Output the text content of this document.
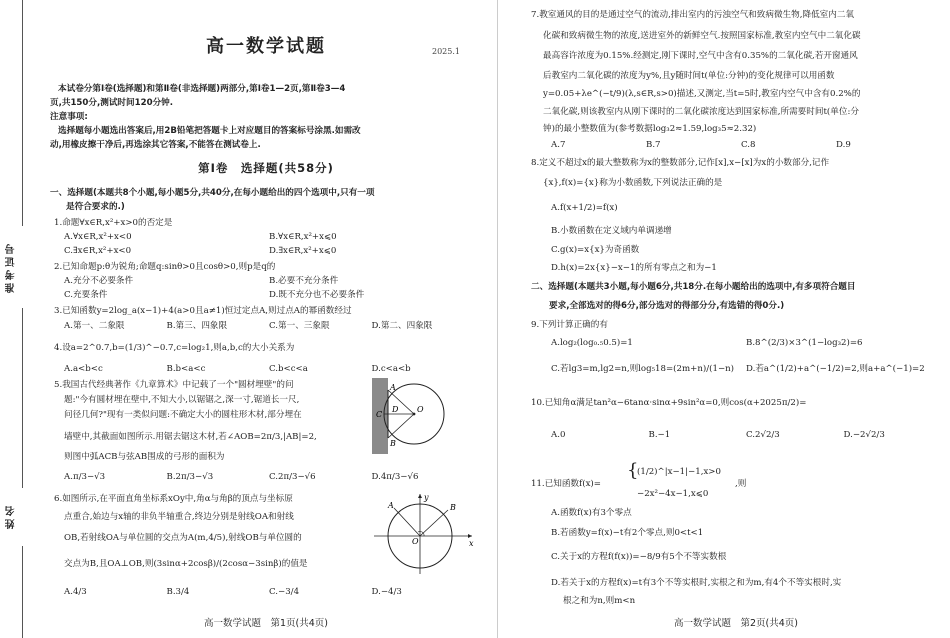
准考证号
姓名
高一数学试题	2025.1
本试卷分第Ⅰ卷(选择题)和第Ⅱ卷(非选择题)两部分,第Ⅰ卷1—2页,第Ⅱ卷3—4
页,共150分,测试时间120分钟.
注意事项:
选择题每小题选出答案后,用2B铅笔把答题卡上对应题目的答案标号涂黑.如需改
动,用橡皮擦干净后,再选涂其它答案,不能答在测试卷上.
第Ⅰ卷　选择题(共58分)
一、选择题(本题共8个小题,每小题5分,共40分,在每小题给出的四个选项中,只有一项
是符合要求的.)
1.命题∀x∈R,x²+x>0的否定是
A.∀x∈R,x²+x<0	B.∀x∈R,x²+x⩽0
C.∃x∈R,x²+x<0	D.∃x∈R,x²+x⩽0
2.已知命题p:θ为锐角;命题q:sinθ>0且cosθ>0,则p是q的
A.充分不必要条件	B.必要不充分条件
C.充要条件	D.既不充分也不必要条件
3.已知函数y=2log_a(x−1)+4(a>0且a≠1)恒过定点A,则过点A的幂函数经过
A.第一、二象限	B.第三、四象限	C.第一、三象限	D.第二、四象限
4.设a=2^0.7,b=(1/3)^−0.7,c=log₂1,则a,b,c的大小关系为
A.a<b<c	B.b<a<c	C.b<c<a	D.c<a<b
5.我国古代经典著作《九章算术》中记载了一个"圆材埋壁"的问
题:"今有圆材埋在壁中,不知大小,以锯锯之,深一寸,锯道长一尺,
问径几何?"现有一类似问题:不确定大小的圆柱形木材,部分埋在
墙壁中,其截面如图所示.用锯去锯这木材,若∠AOB=2π/3,|AB|=2,
则图中弧ACB与弦AB围成的弓形的面积为
A.π/3−√3	B.2π/3−√3	C.2π/3−√6	D.4π/3−√6
A
B
C
D O
6.如图所示,在平面直角坐标系xOy中,角α与角β的顶点与坐标原
点重合,始边与x轴的非负半轴重合,终边分别是射线OA和射线
OB,若射线OA与单位圆的交点为A(m,4/5),射线OB与单位圆的
交点为B,且OA⊥OB,则(3sinα+2cosβ)/(2cosα−3sinβ)的值是
A.4/3	B.3/4	C.−3/4	D.−4/3
y
x
A	B
O
高一数学试题　第1页(共4页)
7.教室通风的目的是通过空气的流动,排出室内的污浊空气和致病微生物,降低室内二氧
化碳和致病微生物的浓度,送进室外的新鲜空气.按照国家标准,教室内空气中二氧化碳
最高容许浓度为0.15%.经测定,刚下课时,空气中含有0.35%的二氧化碳,若开窗通风
后教室内二氧化碳的浓度为y%,且y随时间t(单位:分钟)的变化规律可以用函数
y=0.05+λe^(−t/9)(λ,s∈R,s>0)描述,又测定,当t=5时,教室内空气中含有0.2%的
二氧化碳,则该教室内从刚下课时的二氧化碳浓度达到国家标准,所需要时间t(单位:分
钟)的最小整数值为(参考数据log₃2≈1.59,log₃5≈2.32)
A.7	B.7	C.8	D.9
8.定义不超过x的最大整数称为x的整数部分,记作[x],x−[x]为x的小数部分,记作
{x},f(x)={x}称为小数函数,下列说法正确的是
A.f(x+1/2)=f(x)
B.小数函数在定义域内单调递增
C.g(x)=x{x}为奇函数
D.h(x)=2x{x}−x−1的所有零点之和为−1
二、选择题(本题共3小题,每小题6分,共18分.在每小题给出的选项中,有多项符合题目
要求,全部选对的得6分,部分选对的得部分分,有选错的得0分.)
9.下列计算正确的有
A.log₂(log₀.₅0.5)=1	B.8^(2/3)×3^(1−log₃2)=6
C.若lg3=m,lg2=n,则log₅18=(2m+n)/(1−n)	D.若a^(1/2)+a^(−1/2)=2,则a+a^(−1)=2
10.已知角α满足tan²α−6tanα·sinα+9sin²α=0,则cos(α+2025π/2)=
A.0	B.−1	C.2√2/3	D.−2√2/3
11.已知函数f(x)=
{
(1/2)^|x−1|−1,x>0
−2x²−4x−1,x⩽0
,则
A.函数f(x)有3个零点
B.若函数y=f(x)−t有2个零点,则0<t<1
C.关于x的方程f(f(x))=−8/9有5个不等实数根
D.若关于x的方程f(x)=t有3个不等实根时,实根之和为m,有4个不等实根时,实
根之和为n,则m<n
高一数学试题　第2页(共4页)
